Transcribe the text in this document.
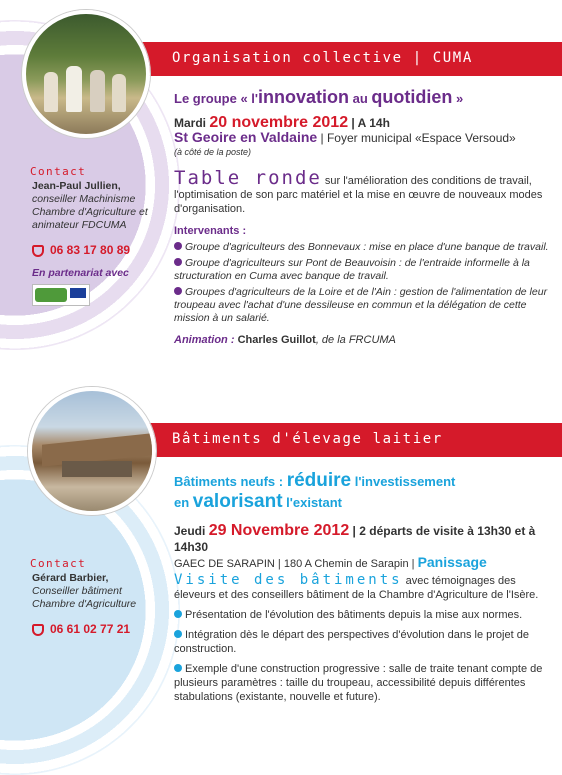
Organisation collective | CUMA
Contact
Jean-Paul Jullien,
conseiller Machinisme Chambre d'Agriculture et animateur FDCUMA
06 83 17 80 89
En partenariat avec
Le groupe « l'innovation au quotidien »
Mardi 20 novembre 2012 | A 14h
St Geoire en Valdaine | Foyer municipal «Espace Versoud»
(à côté de la poste)
Table ronde sur l'amélioration des conditions de travail, l'optimisation de son parc matériel et la mise en œuvre de nouveaux modes d'organisation.
Intervenants :
Groupe d'agriculteurs des Bonnevaux : mise en place d'une banque de travail.
Groupe d'agriculteurs sur Pont de Beauvoisin : de l'entraide informelle à la structuration en Cuma avec banque de travail.
Groupes d'agriculteurs de la Loire et de l'Ain : gestion de l'alimentation de leur troupeau avec l'achat d'une dessileuse en commun et la délégation de cette mission à un salarié.
Animation : Charles Guillot, de la FRCUMA
Bâtiments d'élevage laitier
Contact
Gérard Barbier,
Conseiller bâtiment Chambre d'Agriculture
06 61 02 77 21
Bâtiments neufs : réduire l'investissement
en valorisant l'existant
Jeudi 29 Novembre 2012 | 2 départs de visite à 13h30 et à 14h30
GAEC DE SARAPIN | 180 A Chemin de Sarapin | Panissage
Visite des bâtiments avec témoignages des éleveurs et des conseillers bâtiment de la Chambre d'Agriculture de l'Isère.
Présentation de l'évolution des bâtiments depuis la mise aux normes.
Intégration dès le départ des perspectives d'évolution dans le projet de construction.
Exemple d'une construction progressive : salle de traite tenant compte de plusieurs paramètres : taille du troupeau, accessibilité depuis différentes stabulations (existante, nouvelle et future).
